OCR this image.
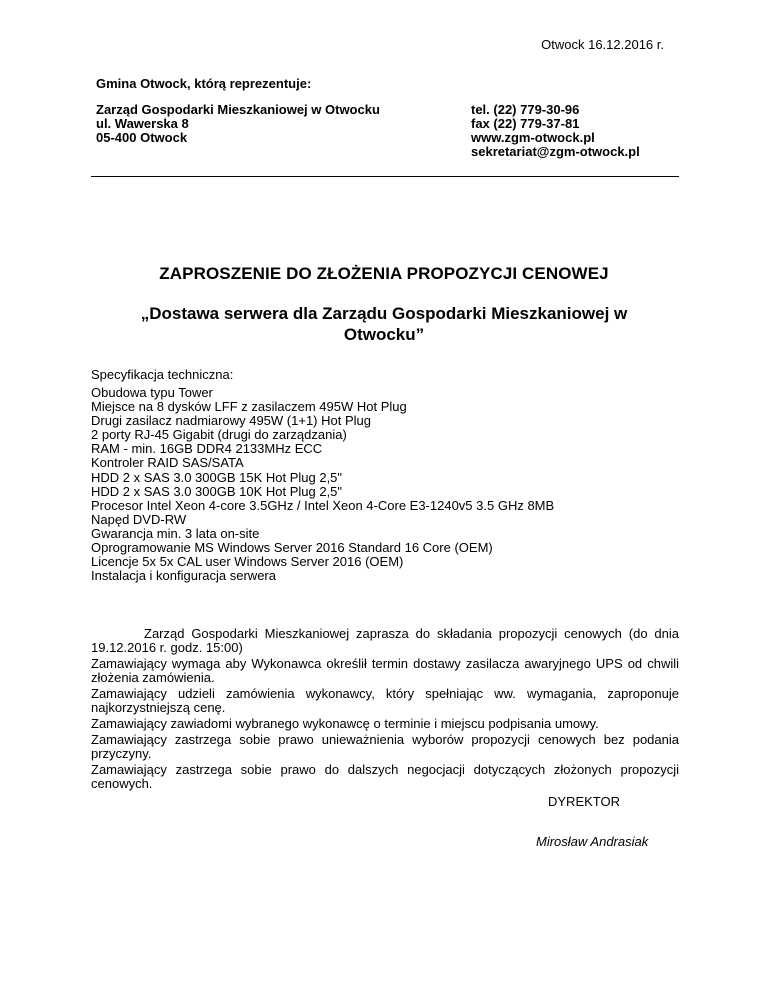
Otwock 16.12.2016 r.
Gmina Otwock, którą reprezentuje:
Zarząd Gospodarki Mieszkaniowej w Otwocku
ul. Wawerska 8
05-400 Otwock
tel. (22) 779-30-96
fax (22) 779-37-81
www.zgm-otwock.pl
sekretariat@zgm-otwock.pl
ZAPROSZENIE DO ZŁOŻENIA PROPOZYCJI CENOWEJ
„Dostawa serwera dla Zarządu Gospodarki Mieszkaniowej w Otwocku”
Specyfikacja techniczna:
Obudowa typu Tower
Miejsce na 8 dysków LFF z zasilaczem 495W Hot Plug
Drugi zasilacz nadmiarowy 495W (1+1) Hot Plug
2 porty RJ-45 Gigabit (drugi do zarządzania)
RAM - min. 16GB DDR4 2133MHz ECC
Kontroler RAID SAS/SATA
HDD 2 x SAS 3.0 300GB 15K Hot Plug 2,5"
HDD 2 x SAS 3.0 300GB 10K Hot Plug 2,5"
Procesor Intel Xeon 4-core 3.5GHz / Intel Xeon 4-Core E3-1240v5 3.5 GHz 8MB
Napęd DVD-RW
Gwarancja min. 3 lata on-site
Oprogramowanie MS Windows Server 2016 Standard 16 Core (OEM)
Licencje 5x 5x CAL user Windows Server 2016 (OEM)
Instalacja i konfiguracja serwera

Zarząd Gospodarki Mieszkaniowej zaprasza do składania propozycji cenowych (do dnia 19.12.2016 r. godz. 15:00)

Zamawiający wymaga aby Wykonawca określił termin dostawy zasilacza awaryjnego UPS od chwili złożenia zamówienia.

Zamawiający udzieli zamówienia wykonawcy, który spełniając ww. wymagania, zaproponuje najkorzystniejszą cenę.

Zamawiający zawiadomi wybranego wykonawcę o terminie i miejscu podpisania umowy.

Zamawiający zastrzega sobie prawo unieważnienia wyborów propozycji cenowych bez podania przyczyny.

Zamawiający zastrzega sobie prawo do dalszych negocjacji dotyczących złożonych propozycji cenowych.

DYREKTOR
Mirosław Andrasiak
